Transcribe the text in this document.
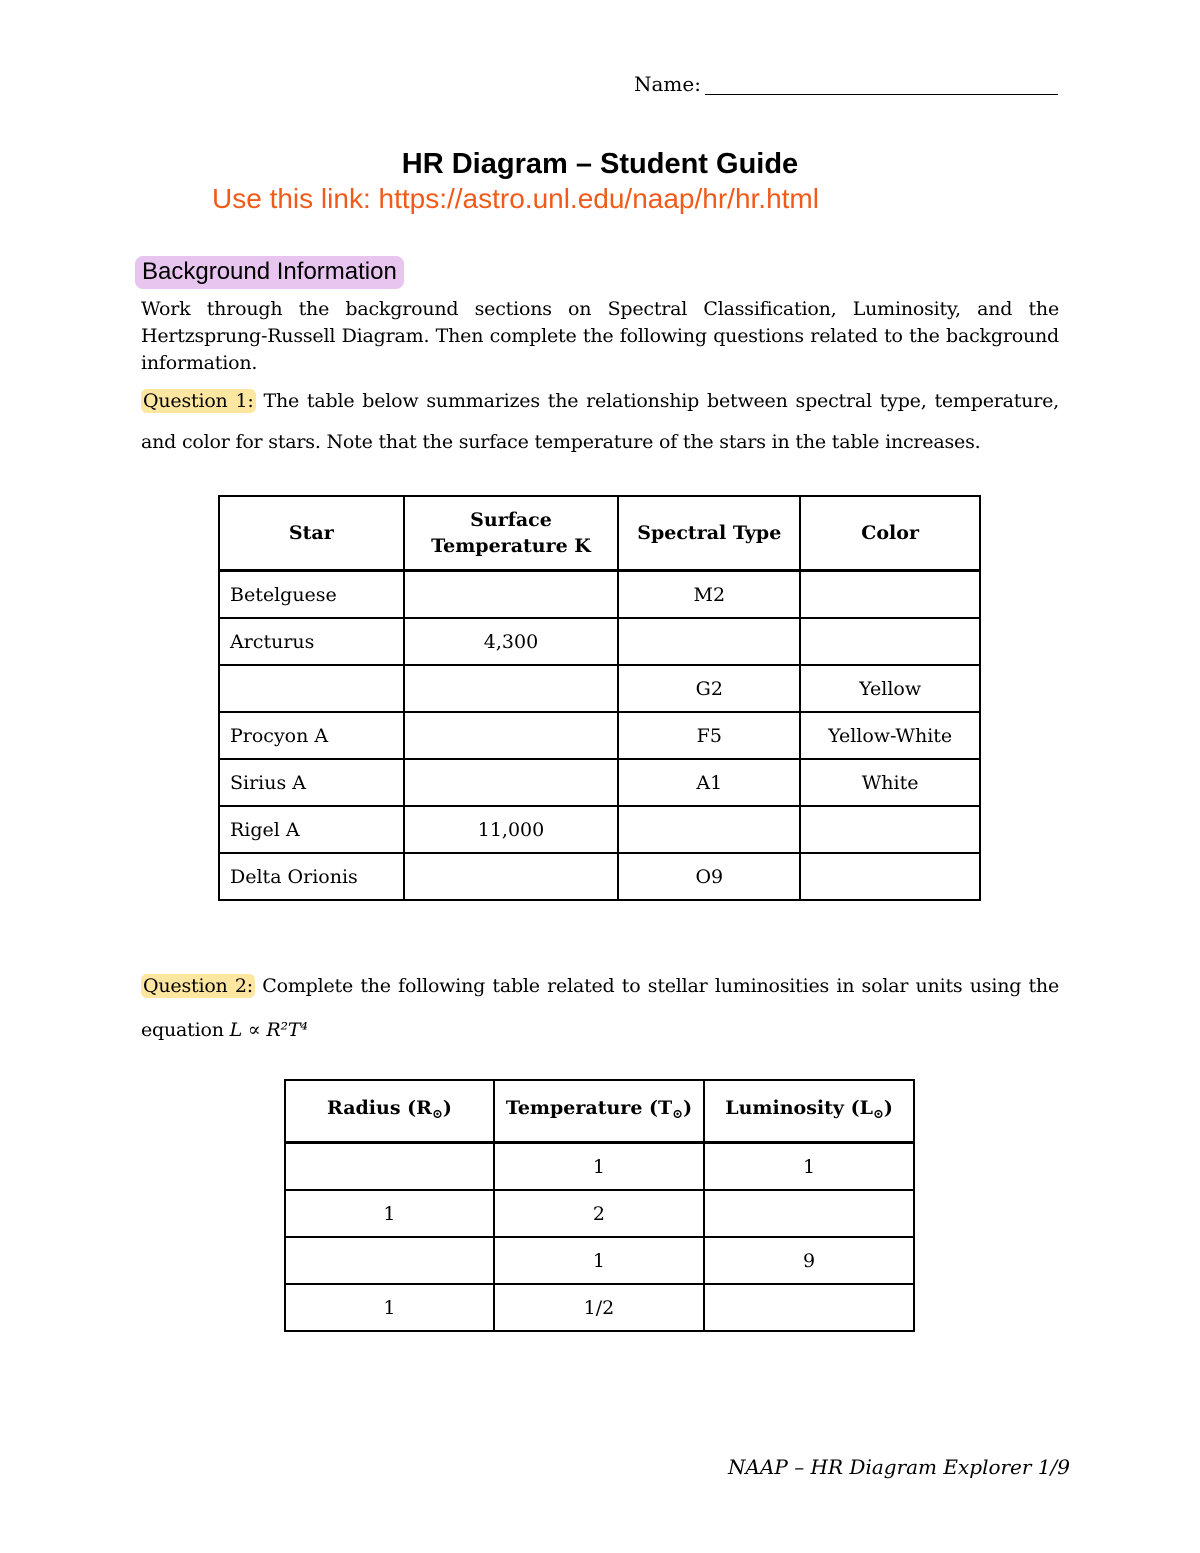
Name:
HR Diagram – Student Guide
Use this link: https://astro.unl.edu/naap/hr/hr.html
Background Information
Work through the background sections on Spectral Classification, Luminosity, and the Hertzsprung-Russell Diagram. Then complete the following questions related to the background information.
Question 1: The table below summarizes the relationship between spectral type, temperature, and color for stars. Note that the surface temperature of the stars in the table increases.
Star	Surface Temperature K	Spectral Type	Color
Betelguese		M2	
Arcturus	4,300		
		G2	Yellow
Procyon A		F5	Yellow-White
Sirius A		A1	White
Rigel A	11,000		
Delta Orionis		O9	
Question 2: Complete the following table related to stellar luminosities in solar units using the equation L ∝ R²T⁴
Radius $(R_⊙)$	Temperature $(T_⊙)$	Luminosity $(L_⊙)$
	1	1
1	2	
	1	9
1	1/2	
NAAP – HR Diagram Explorer 1/9
